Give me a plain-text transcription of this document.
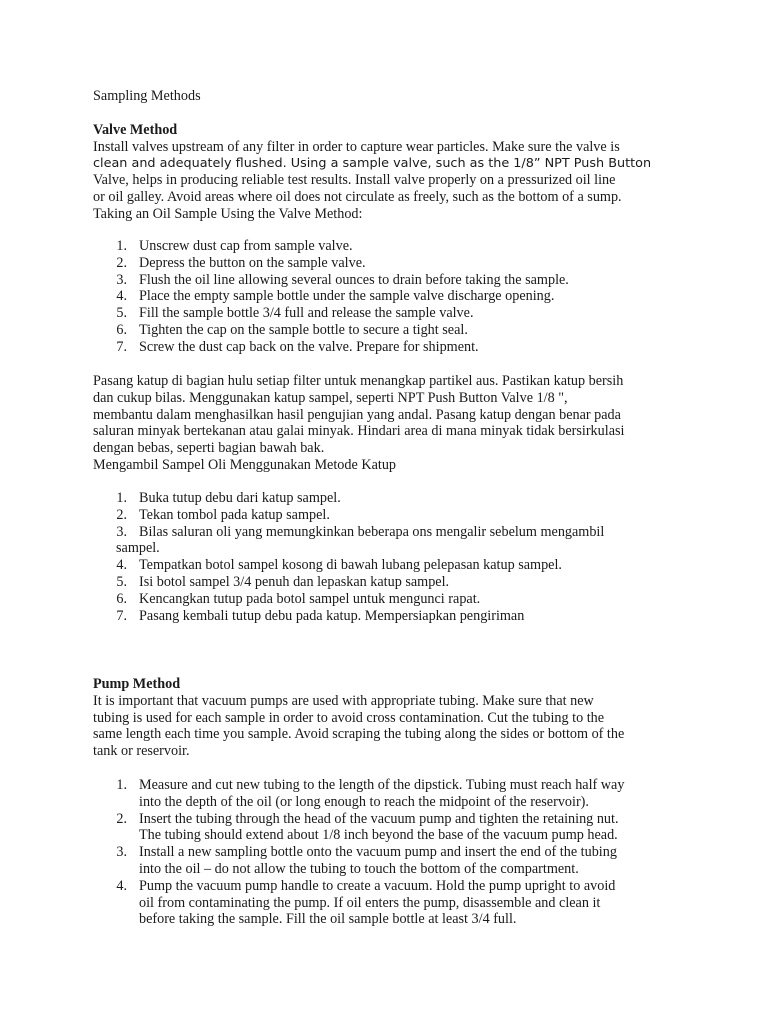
Sampling Methods

Valve Method

Install valves upstream of any filter in order to capture wear particles. Make sure the valve is

clean and adequately flushed. Using a sample valve, such as the 1/8” NPT Push Button

Valve, helps in producing reliable test results. Install valve properly on a pressurized oil line

or oil galley. Avoid areas where oil does not circulate as freely, such as the bottom of a sump.

Taking an Oil Sample Using the Valve Method:

1. Unscrew dust cap from sample valve.
2. Depress the button on the sample valve.
3. Flush the oil line allowing several ounces to drain before taking the sample.
4. Place the empty sample bottle under the sample valve discharge opening.
5. Fill the sample bottle 3/4 full and release the sample valve.
6. Tighten the cap on the sample bottle to secure a tight seal.
7. Screw the dust cap back on the valve. Prepare for shipment.

Pasang katup di bagian hulu setiap filter untuk menangkap partikel aus. Pastikan katup bersih

dan cukup bilas. Menggunakan katup sampel, seperti NPT Push Button Valve 1/8 ",

membantu dalam menghasilkan hasil pengujian yang andal. Pasang katup dengan benar pada

saluran minyak bertekanan atau galai minyak. Hindari area di mana minyak tidak bersirkulasi

dengan bebas, seperti bagian bawah bak.

Mengambil Sampel Oli Menggunakan Metode Katup

1. Buka tutup debu dari katup sampel.
2. Tekan tombol pada katup sampel.
3. Bilas saluran oli yang memungkinkan beberapa ons mengalir sebelum mengambil
sampel.
4. Tempatkan botol sampel kosong di bawah lubang pelepasan katup sampel.
5. Isi botol sampel 3/4 penuh dan lepaskan katup sampel.
6. Kencangkan tutup pada botol sampel untuk mengunci rapat.
7. Pasang kembali tutup debu pada katup. Mempersiapkan pengiriman

Pump Method

It is important that vacuum pumps are used with appropriate tubing. Make sure that new

tubing is used for each sample in order to avoid cross contamination. Cut the tubing to the

same length each time you sample. Avoid scraping the tubing along the sides or bottom of the

tank or reservoir.

1. Measure and cut new tubing to the length of the dipstick. Tubing must reach half way
into the depth of the oil (or long enough to reach the midpoint of the reservoir).
2. Insert the tubing through the head of the vacuum pump and tighten the retaining nut.
The tubing should extend about 1/8 inch beyond the base of the vacuum pump head.
3. Install a new sampling bottle onto the vacuum pump and insert the end of the tubing
into the oil – do not allow the tubing to touch the bottom of the compartment.
4. Pump the vacuum pump handle to create a vacuum. Hold the pump upright to avoid
oil from contaminating the pump. If oil enters the pump, disassemble and clean it
before taking the sample. Fill the oil sample bottle at least 3/4 full.
